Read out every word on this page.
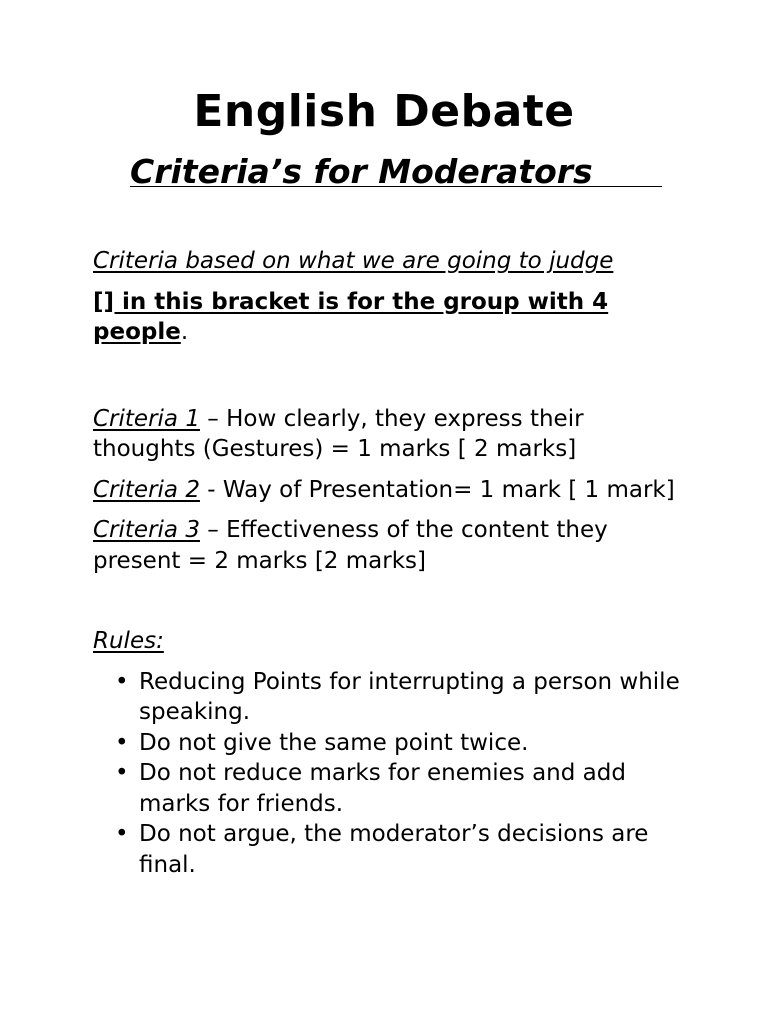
English Debate
Criteria’s for Moderators

Criteria based on what we are going to judge

[] in this bracket is for the group with 4 people.

Criteria 1 – How clearly, they express their thoughts (Gestures) = 1 marks [ 2 marks]

Criteria 2 - Way of Presentation= 1 mark [ 1 mark]

Criteria 3 – Effectiveness of the content they present = 2 marks [2 marks]

Rules:

• Reducing Points for interrupting a person while speaking.
• Do not give the same point twice.
• Do not reduce marks for enemies and add marks for friends.
• Do not argue, the moderator’s decisions are final.
